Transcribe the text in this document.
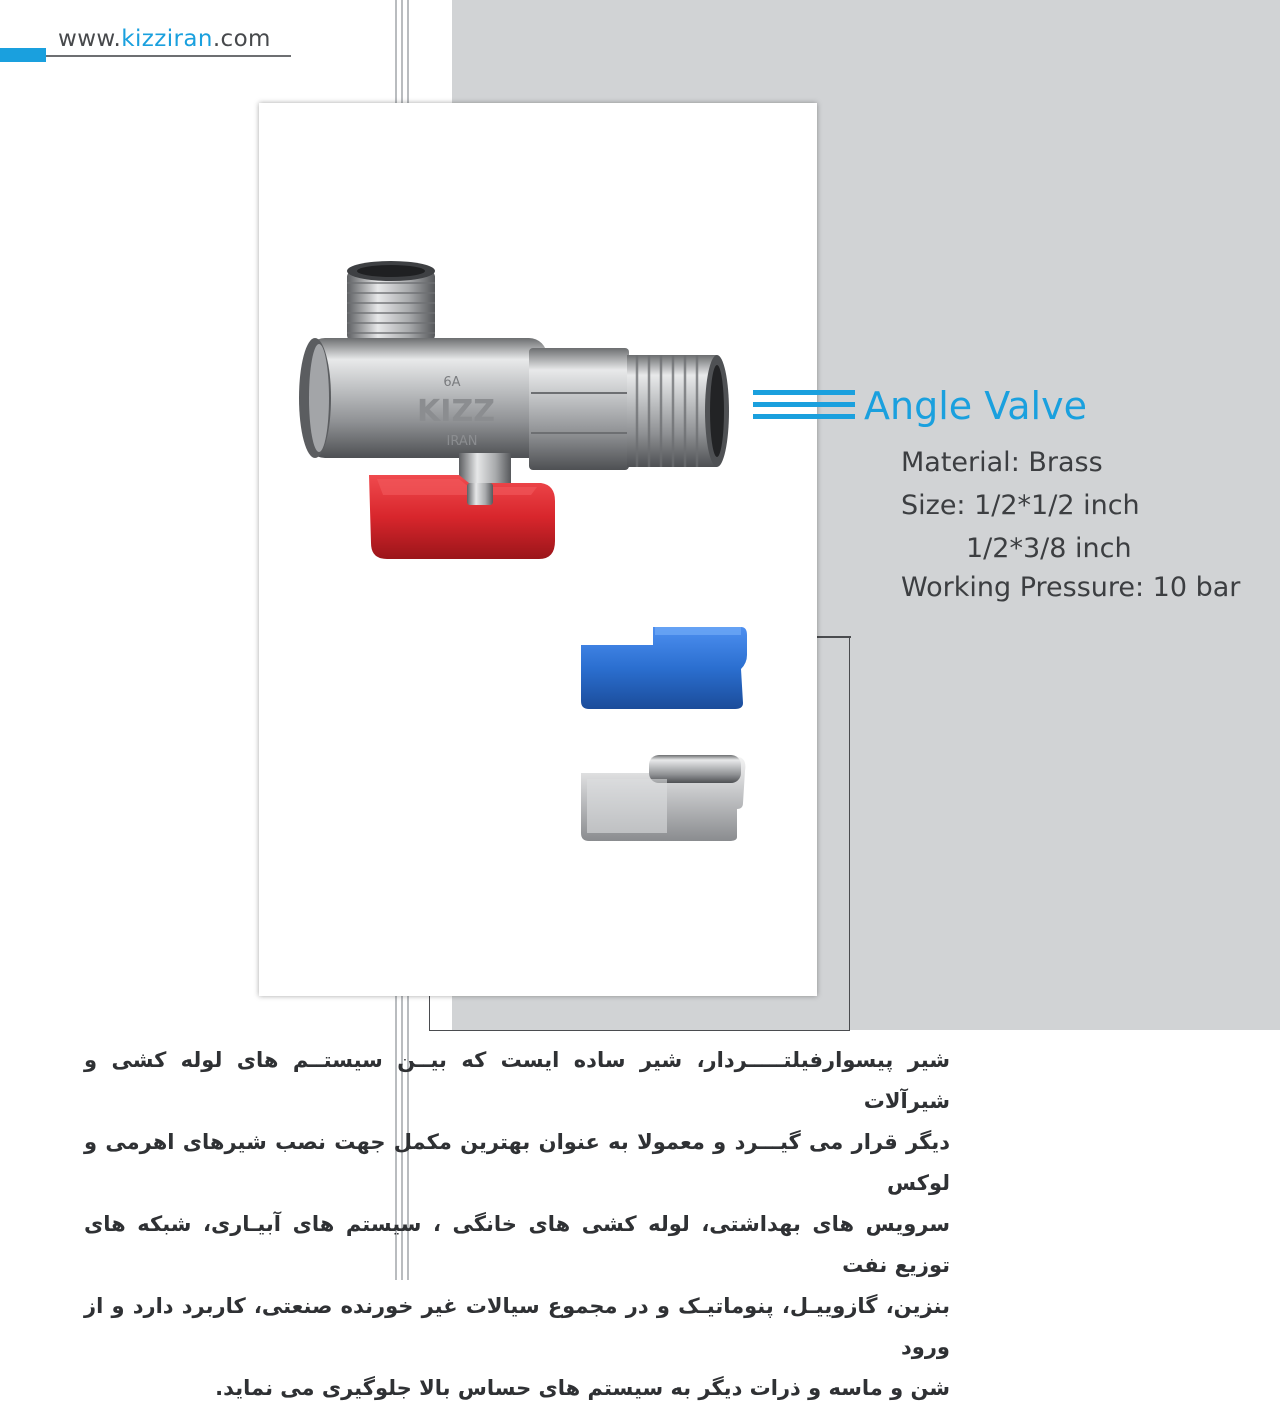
www.kizziran.com
6A
KIZZ
IRAN
Angle Valve
Material: Brass
Size: 1/2*1/2 inch
1/2*3/8 inch
Working Pressure: 10 bar

شیر پیسوارفیلتـــــردار، شیر ساده ایست که بیــن سیستــم های لوله کشی و شیرآلات

دیگر قرار می گیـــرد و معمولا به عنوان بهترین مکمل جهت نصب شیرهای اهرمی و لوکس

سرویس های بهداشتی، لوله کشی های خانگی ، سیستم های آبیـاری، شبکه های توزیع نفت

بنزین، گازوییـل، پنوماتیـک و در مجموع سیالات غیر خورنده صنعتی، کاربرد دارد و از ورود

شن و ماسه و ذرات دیگر به سیستم های حساس بالا جلوگیری می نماید.
